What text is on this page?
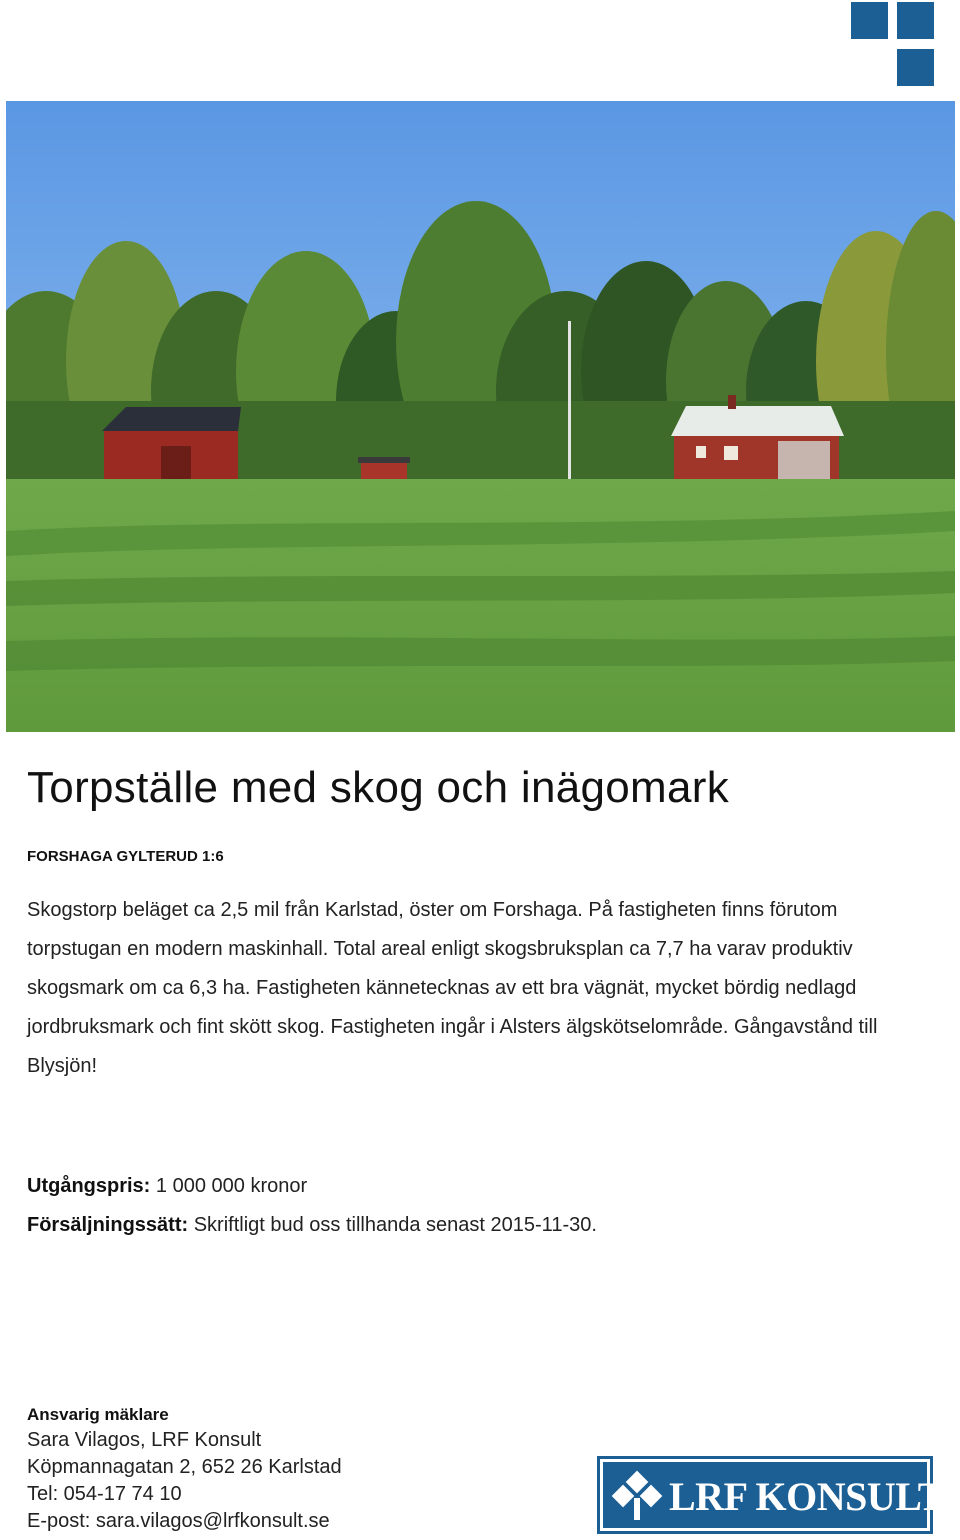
Torpställe med skog och inägomark
FORSHAGA GYLTERUD 1:6

Skogstorp beläget ca 2,5 mil från Karlstad, öster om Forshaga. På fastigheten finns förutom torpstugan en modern maskinhall. Total areal enligt skogsbruksplan ca 7,7 ha varav produktiv skogsmark om ca 6,3 ha. Fastigheten kännetecknas av ett bra vägnät, mycket bördig nedlagd jordbruksmark och fint skött skog. Fastigheten ingår i Alsters älgskötselområde. Gångavstånd till Blysjön!

Utgångspris: 1 000 000 kronor
Försäljningssätt: Skriftligt bud oss tillhanda senast 2015-11-30.
Ansvarig mäklare
Sara Vilagos, LRF Konsult
Köpmannagatan 2, 652 26 Karlstad
Tel: 054-17 74 10
E-post: sara.vilagos@lrfkonsult.se
LRF KONSULT
